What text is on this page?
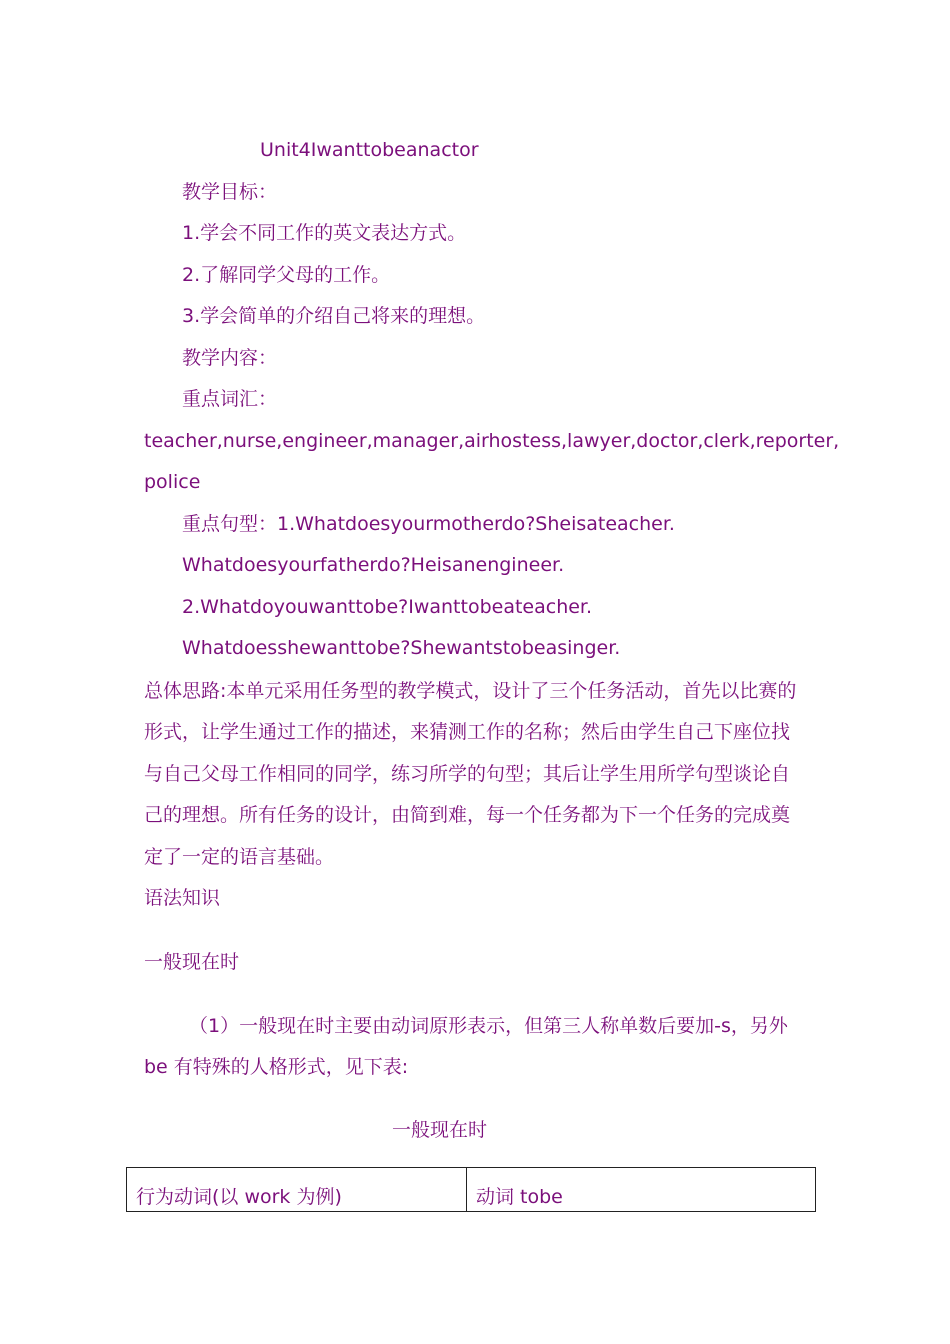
Unit4Iwanttobeanactor
教学目标：
1.学会不同工作的英文表达方式。
2.了解同学父母的工作。
3.学会简单的介绍自己将来的理想。
教学内容：
重点词汇：
teacher,nurse,engineer,manager,airhostess,lawyer,doctor,clerk,reporter,
police
重点句型：1.Whatdoesyourmotherdo?Sheisateacher.
Whatdoesyourfatherdo?Heisanengineer.
2.Whatdoyouwanttobe?Iwanttobeateacher.
Whatdoesshewanttobe?Shewantstobeasinger.
总体思路:本单元采用任务型的教学模式，设计了三个任务活动，首先以比赛的
形式，让学生通过工作的描述，来猜测工作的名称；然后由学生自己下座位找
与自己父母工作相同的同学，练习所学的句型；其后让学生用所学句型谈论自
己的理想。所有任务的设计，由简到难，每一个任务都为下一个任务的完成奠
定了一定的语言基础。
语法知识
一般现在时
（1）一般现在时主要由动词原形表示，但第三人称单数后要加-s，另外
be 有特殊的人格形式，见下表:
一般现在时
行为动词(以 work 为例)	动词 tobe
